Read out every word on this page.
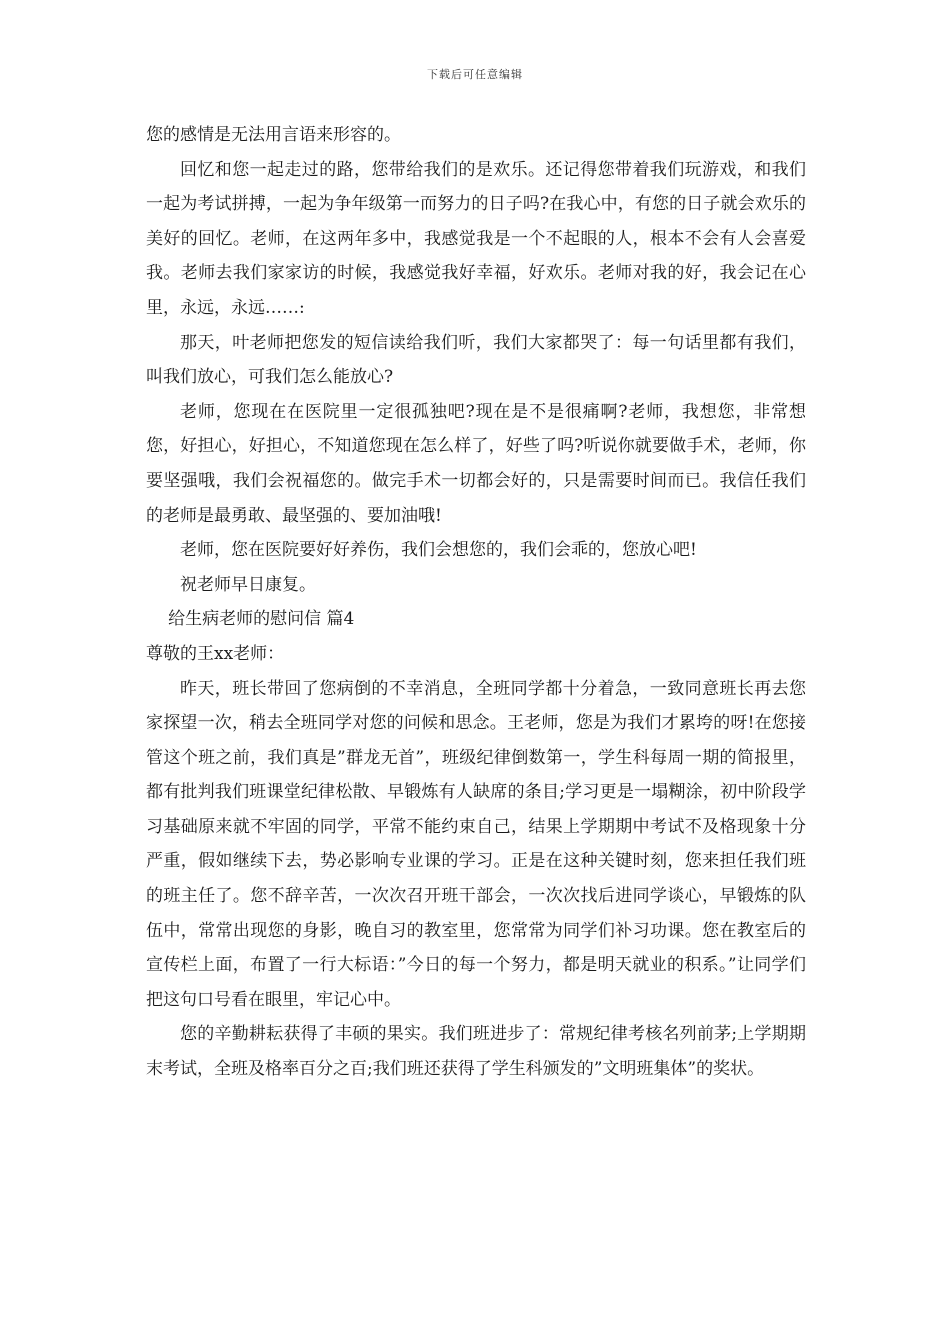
下载后可任意编辑

您的感情是无法用言语来形容的。

回忆和您一起走过的路，您带给我们的是欢乐。还记得您带着我们玩游戏，和我们一起为考试拼搏，一起为争年级第一而努力的日子吗?在我心中，有您的日子就会欢乐的美好的回忆。老师，在这两年多中，我感觉我是一个不起眼的人，根本不会有人会喜爱我。老师去我们家家访的时候，我感觉我好幸福，好欢乐。老师对我的好，我会记在心里，永远，永远……:

那天，叶老师把您发的短信读给我们听，我们大家都哭了：每一句话里都有我们，叫我们放心，可我们怎么能放心?

老师，您现在在医院里一定很孤独吧?现在是不是很痛啊?老师，我想您，非常想您，好担心，好担心，不知道您现在怎么样了，好些了吗?听说你就要做手术，老师，你要坚强哦，我们会祝福您的。做完手术一切都会好的，只是需要时间而已。我信任我们的老师是最勇敢、最坚强的、要加油哦!

老师，您在医院要好好养伤，我们会想您的，我们会乖的，您放心吧!

祝老师早日康复。

给生病老师的慰问信 篇4

尊敬的王xx老师：

昨天，班长带回了您病倒的不幸消息，全班同学都十分着急，一致同意班长再去您家探望一次，稍去全班同学对您的问候和思念。王老师，您是为我们才累垮的呀!在您接管这个班之前，我们真是”群龙无首”，班级纪律倒数第一，学生科每周一期的简报里，都有批判我们班课堂纪律松散、早锻炼有人缺席的条目;学习更是一塌糊涂，初中阶段学习基础原来就不牢固的同学，平常不能约束自己，结果上学期期中考试不及格现象十分严重，假如继续下去，势必影响专业课的学习。正是在这种关键时刻，您来担任我们班的班主任了。您不辞辛苦，一次次召开班干部会，一次次找后进同学谈心，早锻炼的队伍中，常常出现您的身影，晚自习的教室里，您常常为同学们补习功课。您在教室后的宣传栏上面，布置了一行大标语：”今日的每一个努力，都是明天就业的积系。”让同学们把这句口号看在眼里，牢记心中。

您的辛勤耕耘获得了丰硕的果实。我们班进步了：常规纪律考核名列前茅;上学期期末考试，全班及格率百分之百;我们班还获得了学生科颁发的”文明班集体”的奖状。
